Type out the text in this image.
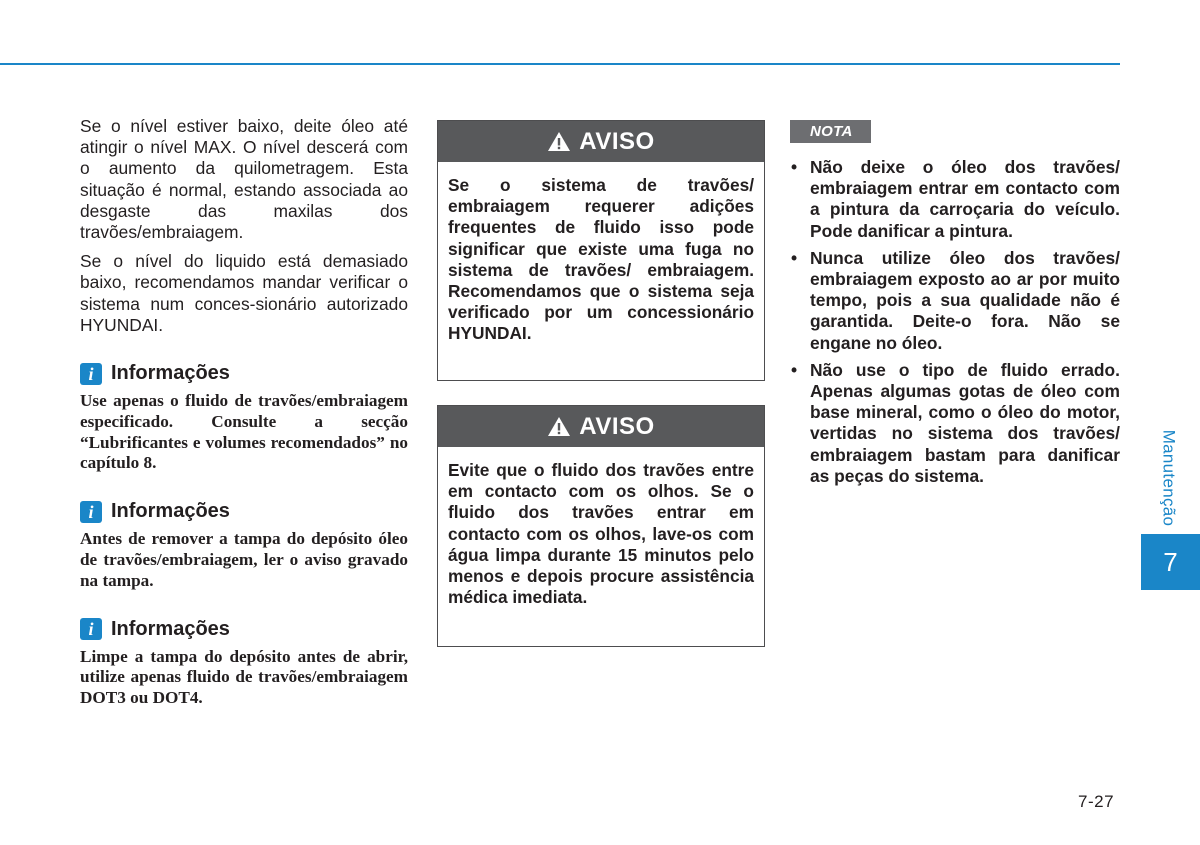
Se o nível estiver baixo, deite óleo até atingir o nível MAX. O nível descerá com o aumento da quilometragem. Esta situação é normal, estando associada ao desgaste das maxilas dos travões/embraiagem.

Se o nível do liquido está demasiado baixo, recomendamos mandar verificar o sistema num conces-sionário autorizado HYUNDAI.

i Informações

Use apenas o fluido de travões/embraiagem especificado. Consulte a secção “Lubrificantes e volumes recomendados” no capítulo 8.

i Informações

Antes de remover a tampa do depósito óleo de travões/embraiagem, ler o aviso gravado na tampa.

i Informações

Limpe a tampa do depósito antes de abrir, utilize apenas fluido de travões/embraiagem DOT3 ou DOT4.

AVISO

Se o sistema de travões/ embraiagem requerer adições frequentes de fluido isso pode significar que existe uma fuga no sistema de travões/ embraiagem. Recomendamos que o sistema seja verificado por um concessionário HYUNDAI.

AVISO

Evite que o fluido dos travões entre em contacto com os olhos. Se o fluido dos travões entrar em contacto com os olhos, lave-os com água limpa durante 15 minutos pelo menos e depois procure assistência médica imediata.

NOTA
• Não deixe o óleo dos travões/ embraiagem entrar em contacto com a pintura da carroçaria do veículo. Pode danificar a pintura.
• Nunca utilize óleo dos travões/ embraiagem exposto ao ar por muito tempo, pois a sua qualidade não é garantida. Deite-o fora. Não se engane no óleo.
• Não use o tipo de fluido errado. Apenas algumas gotas de óleo com base mineral, como o óleo do motor, vertidas no sistema dos travões/ embraiagem bastam para danificar as peças do sistema.	Manutenção
7
7-27
